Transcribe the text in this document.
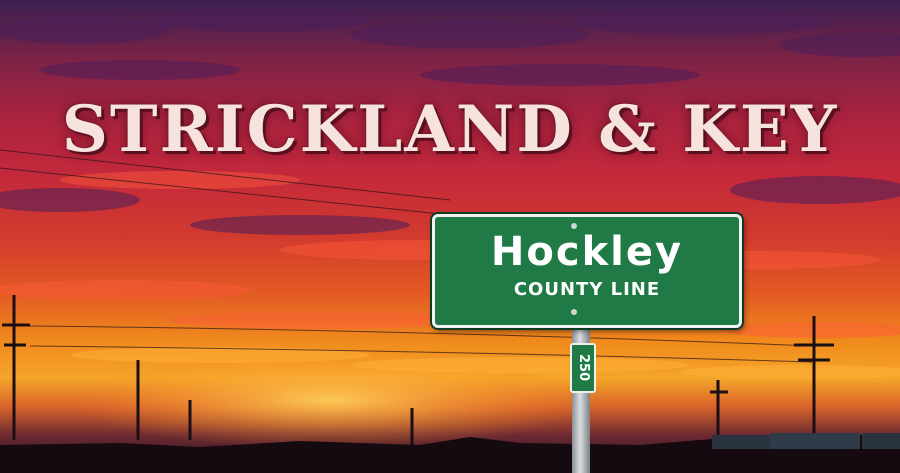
STRICKLAND & KEY
250
Hockley
COUNTY LINE
